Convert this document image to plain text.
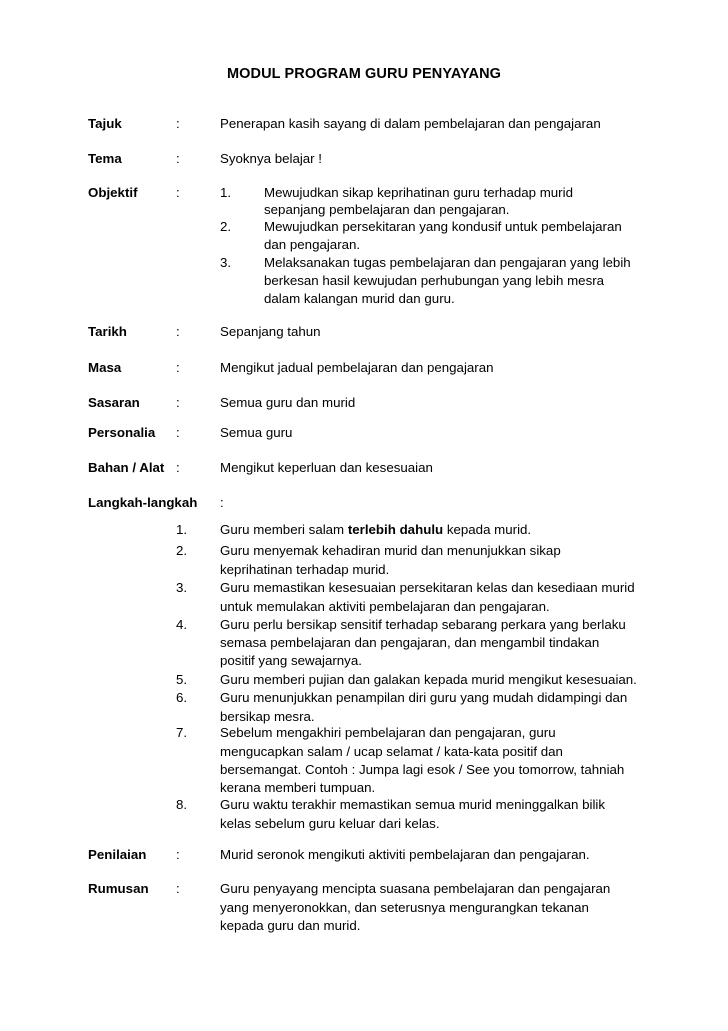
MODUL PROGRAM GURU PENYAYANG
Tajuk	:	Penerapan kasih sayang di dalam pembelajaran dan pengajaran
Tema	:	Syoknya belajar !
Objektif	:	1. Mewujudkan sikap keprihatinan guru terhadap murid
sepanjang pembelajaran dan pengajaran.
2. Mewujudkan persekitaran yang kondusif untuk pembelajaran
dan pengajaran.
3. Melaksanakan tugas pembelajaran dan pengajaran yang lebih
berkesan hasil kewujudan perhubungan yang lebih mesra
dalam kalangan murid dan guru.
Tarikh	:	Sepanjang tahun
Masa	:	Mengikut jadual pembelajaran dan pengajaran
Sasaran	:	Semua guru dan murid
Personalia :	Semua guru
Bahan / Alat :	Mengikut keperluan dan kesesuaian
Langkah-langkah :
1. Guru memberi salam terlebih dahulu kepada murid.
2. Guru menyemak kehadiran murid dan menunjukkan sikap
keprihatinan terhadap murid.
3. Guru memastikan kesesuaian persekitaran kelas dan kesediaan murid
untuk memulakan aktiviti pembelajaran dan pengajaran.
4. Guru perlu bersikap sensitif terhadap sebarang perkara yang berlaku
semasa pembelajaran dan pengajaran, dan mengambil tindakan
positif yang sewajarnya.
5. Guru memberi pujian dan galakan kepada murid mengikut kesesuaian.
6. Guru menunjukkan penampilan diri guru yang mudah didampingi dan
bersikap mesra.
7. Sebelum mengakhiri pembelajaran dan pengajaran, guru
mengucapkan salam / ucap selamat / kata-kata positif dan
bersemangat. Contoh : Jumpa lagi esok / See you tomorrow, tahniah
kerana memberi tumpuan.
8. Guru waktu terakhir memastikan semua murid meninggalkan bilik
kelas sebelum guru keluar dari kelas.
Penilaian :	Murid seronok mengikuti aktiviti pembelajaran dan pengajaran.
Rumusan :	Guru penyayang mencipta suasana pembelajaran dan pengajaran
yang menyeronokkan, dan seterusnya mengurangkan tekanan
kepada guru dan murid.
